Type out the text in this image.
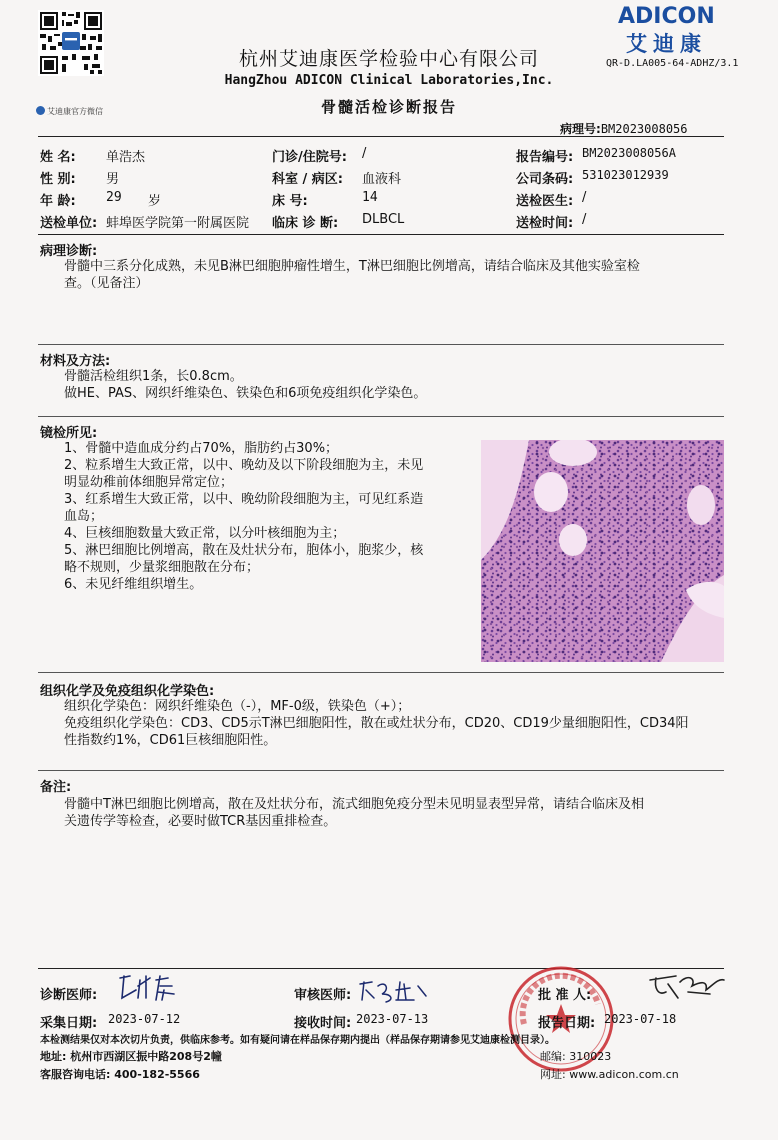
艾迪康官方微信
杭州艾迪康医学检验中心有限公司
HangZhou ADICON Clinical Laboratories,Inc.
骨髓活检诊断报告
ADICON
艾迪康
QR-D.LA005-64-ADHZ/3.1
病理号:BM2023008056
姓 名: 单浩杰
性 别: 男
年 龄: 29 岁
送检单位: 蚌埠医学院第一附属医院
门诊/住院号: /
科室 / 病区: 血液科
床 号:	14
临床 诊 断: DLBCL
报告编号: BM2023008056A
公司条码: 531023012939
送检医生: /
送检时间: /
病理诊断:
骨髓中三系分化成熟，未见B淋巴细胞肿瘤性增生，T淋巴细胞比例增高，请结合临床及其他实验室检
查。（见备注）
材料及方法:
骨髓活检组织1条，长0.8cm。
做HE、PAS、网织纤维染色、铁染色和6项免疫组织化学染色。
镜检所见:
1、骨髓中造血成分约占70%，脂肪约占30%；
2、粒系增生大致正常，以中、晚幼及以下阶段细胞为主，未见
明显幼稚前体细胞异常定位；
3、红系增生大致正常，以中、晚幼阶段细胞为主，可见红系造
血岛；
4、巨核细胞数量大致正常，以分叶核细胞为主；
5、淋巴细胞比例增高，散在及灶状分布，胞体小，胞浆少，核
略不规则，少量浆细胞散在分布；
6、未见纤维组织增生。
组织化学及免疫组织化学染色:
组织化学染色：网织纤维染色（-），MF-0级，铁染色（+）；
免疫组织化学染色：CD3、CD5示T淋巴细胞阳性，散在或灶状分布，CD20、CD19少量细胞阳性，CD34阳
性指数约1%，CD61巨核细胞阳性。
备注:
骨髓中T淋巴细胞比例增高，散在及灶状分布，流式细胞免疫分型未见明显表型异常，请结合临床及相
关遗传学等检查，必要时做TCR基因重排检查。
诊断医师:	审核医师:	批 准 人:
采集日期: 2023-07-12	接收时间: 2023-07-13	报告日期: 2023-07-18
本检测结果仅对本次切片负责，供临床参考。如有疑问请在样品保存期内提出（样品保存期请参见艾迪康检测目录）。
地址: 杭州市西湖区振中路208号2幢	邮编: 310023
客服咨询电话: 400-182-5566	网址: www.adicon.com.cn
